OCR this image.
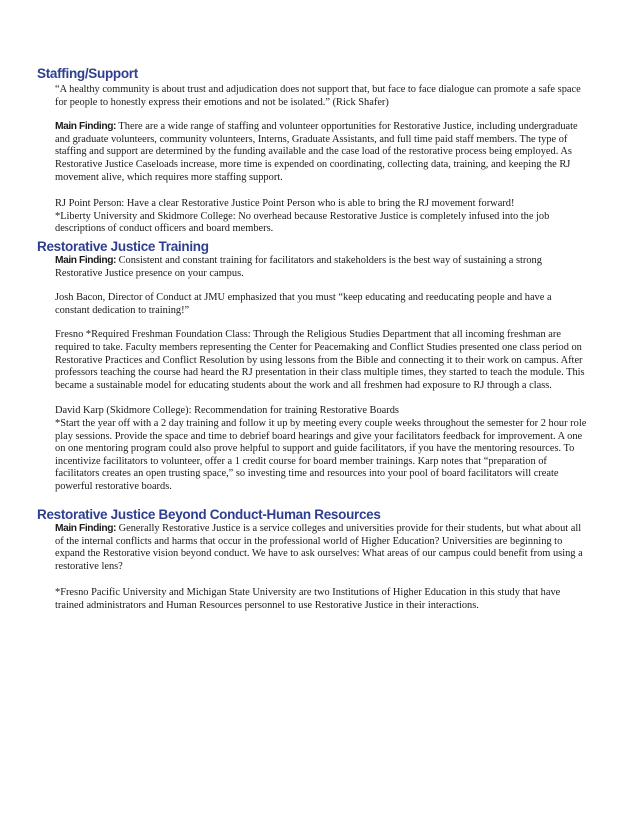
Staffing/Support

“A healthy community is about trust and adjudication does not support that, but face to face dialogue can promote a safe space for people to honestly express their emotions and not be isolated.” (Rick Shafer)

Main Finding: There are a wide range of staffing and volunteer opportunities for Restorative Justice, including undergraduate and graduate volunteers, community volunteers, Interns, Graduate Assistants, and full time paid staff members. The type of staffing and support are determined by the funding available and the case load of the restorative process being employed. As Restorative Justice Caseloads increase, more time is expended on coordinating, collecting data, training, and keeping the RJ movement alive, which requires more staffing support.

RJ Point Person: Have a clear Restorative Justice Point Person who is able to bring the RJ movement forward!

*Liberty University and Skidmore College: No overhead because Restorative Justice is completely infused into the job descriptions of conduct officers and board members.

Restorative Justice Training

Main Finding: Consistent and constant training for facilitators and stakeholders is the best way of sustaining a strong Restorative Justice presence on your campus.

Josh Bacon, Director of Conduct at JMU emphasized that you must “keep educating and reeducating people and have a constant dedication to training!”

Fresno *Required Freshman Foundation Class: Through the Religious Studies Department that all incoming freshman are required to take. Faculty members representing the Center for Peacemaking and Conflict Studies presented one class period on Restorative Practices and Conflict Resolution by using lessons from the Bible and connecting it to their work on campus. After professors teaching the course had heard the RJ presentation in their class multiple times, they started to teach the module. This became a sustainable model for educating students about the work and all freshmen had exposure to RJ through a class.

David Karp (Skidmore College): Recommendation for training Restorative Boards

*Start the year off with a 2 day training and follow it up by meeting every couple weeks throughout the semester for 2 hour role play sessions. Provide the space and time to debrief board hearings and give your facilitators feedback for improvement. A one on one mentoring program could also prove helpful to support and guide facilitators, if you have the mentoring resources. To incentivize facilitators to volunteer, offer a 1 credit course for board member trainings. Karp notes that “preparation of facilitators creates an open trusting space,” so investing time and resources into your pool of board facilitators will create powerful restorative boards.

Restorative Justice Beyond Conduct-Human Resources

Main Finding: Generally Restorative Justice is a service colleges and universities provide for their students, but what about all of the internal conflicts and harms that occur in the professional world of Higher Education? Universities are beginning to expand the Restorative vision beyond conduct. We have to ask ourselves: What areas of our campus could benefit from using a restorative lens?

*Fresno Pacific University and Michigan State University are two Institutions of Higher Education in this study that have trained administrators and Human Resources personnel to use Restorative Justice in their interactions.
